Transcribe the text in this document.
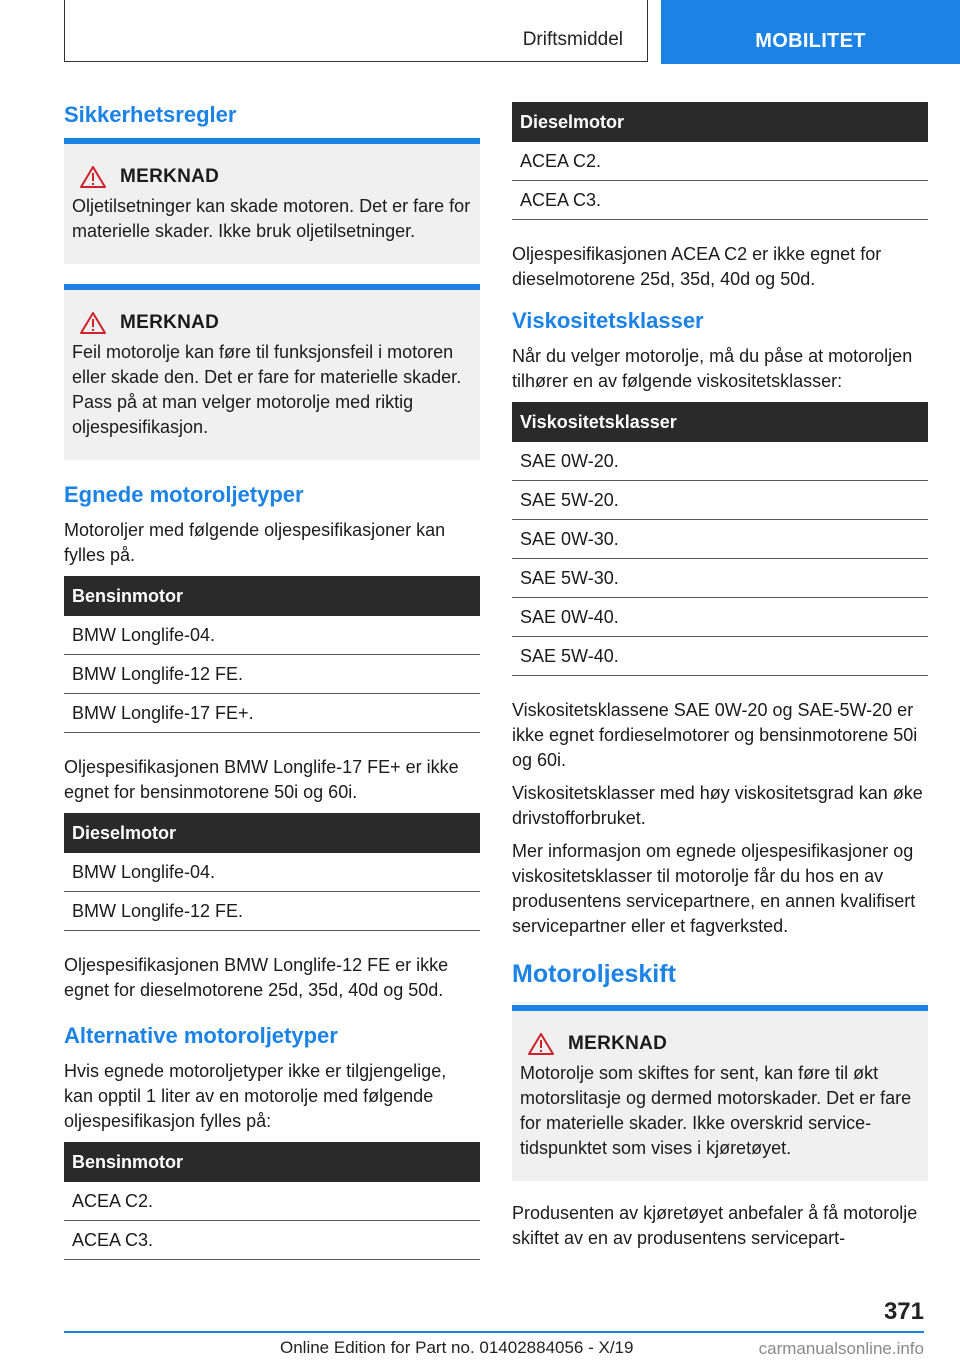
Driftsmiddel	MOBILITET
Sikkerhetsregler
MERKNAD

Oljetilsetninger kan skade motoren. Det er fare for materielle skader. Ikke bruk oljetilsetninger.

MERKNAD

Feil motorolje kan føre til funksjonsfeil i motoren eller skade den. Det er fare for materielle skader. Pass på at man velger motorolje med riktig oljespesifikasjon.

Egnede motoroljetyper

Motoroljer med følgende oljespesifikasjoner kan fylles på.

Bensinmotor
BMW Longlife-04.
BMW Longlife-12 FE.
BMW Longlife-17 FE+.

Oljespesifikasjonen BMW Longlife-17 FE+ er ikke egnet for bensinmotorene 50i og 60i.

Dieselmotor
BMW Longlife-04.
BMW Longlife-12 FE.

Oljespesifikasjonen BMW Longlife-12 FE er ikke egnet for dieselmotorene 25d, 35d, 40d og 50d.

Alternative motoroljetyper

Hvis egnede motoroljetyper ikke er tilgjengelige, kan opptil 1 liter av en motorolje med følgende oljespesifikasjon fylles på:

Bensinmotor
ACEA C2.
ACEA C3.
Dieselmotor
ACEA C2.
ACEA C3.

Oljespesifikasjonen ACEA C2 er ikke egnet for dieselmotorene 25d, 35d, 40d og 50d.

Viskositetsklasser

Når du velger motorolje, må du påse at motoroljen tilhører en av følgende viskositetsklasser:

Viskositetsklasser
SAE 0W-20.
SAE 5W-20.
SAE 0W-30.
SAE 5W-30.
SAE 0W-40.
SAE 5W-40.

Viskositetsklassene SAE 0W-20 og SAE-5W-20 er ikke egnet fordieselmotorer og bensinmotorene 50i og 60i.

Viskositetsklasser med høy viskositetsgrad kan øke drivstofforbruket.

Mer informasjon om egnede oljespesifikasjoner og viskositetsklasser til motorolje får du hos en av produsentens servicepartnere, en annen kvalifisert servicepartner eller et fagverksted.

Motoroljeskift
MERKNAD

Motorolje som skiftes for sent, kan føre til økt motorslitasje og dermed motorskader. Det er fare for materielle skader. Ikke overskrid service-tidspunktet som vises i kjøretøyet.

Produsenten av kjøretøyet anbefaler å få motorolje skiftet av en av produsentens servicepart-

371
Online Edition for Part no. 01402884056 - X/19	carmanualsonline.info
